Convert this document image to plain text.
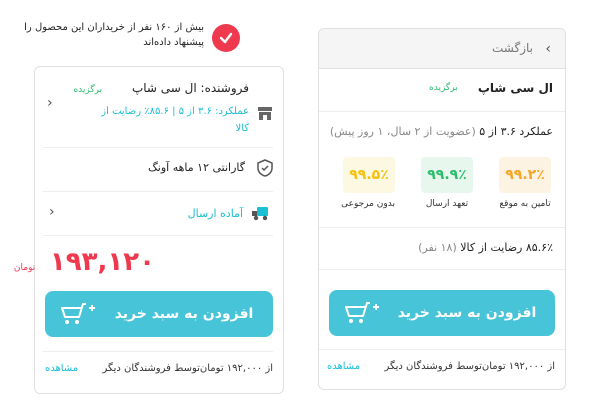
بیش از ۱۶۰ نفر از خریداران این محصول را پیشنهاد داده‌اند
فروشنده: ال سی شاپ برگزیده
عملکرد: ۳.۶ از ۵ | ۸۵.۶٪ رضایت از کالا
‹
گارانتی ۱۲ ماهه آونگ
آماده ارسال
‹
۱۹۳,۱۲۰
تومان
افزودن به سبد خرید
از ۱۹۲,۰۰۰ تومان‌توسط فروشندگان دیگر
مشاهده
›
بازگشت
ال سی شاپ
برگزیده
عملکرد ۳.۶ از ۵ (عضویت از ۲ سال، ۱ روز پیش)
۹۹.۲٪
تامین به موقع
۹۹.۹٪
تعهد ارسال
۹۹.۵٪
بدون مرجوعی
۸۵.۶٪ رضایت از کالا (۱۸ نفر)
افزودن به سبد خرید
از ۱۹۲,۰۰۰ تومان‌توسط فروشندگان دیگر
مشاهده
